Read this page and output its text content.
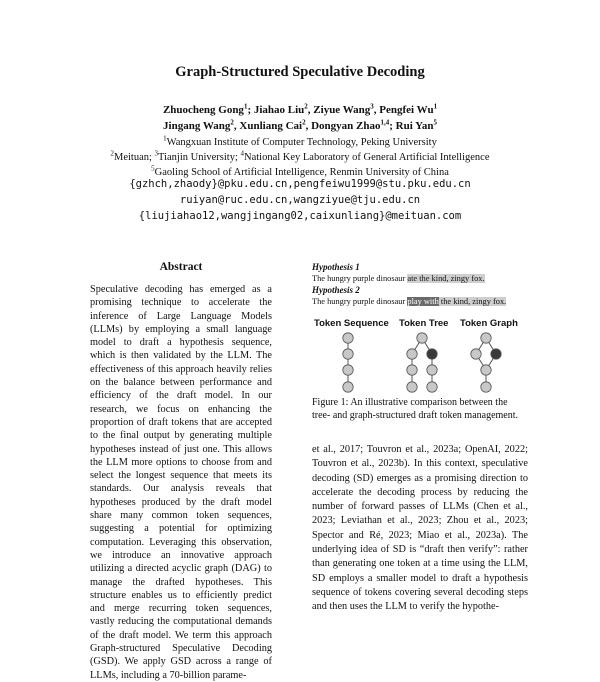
Graph-Structured Speculative Decoding
Zhuocheng Gong$^1$; Jiahao Liu$^2$, Ziyue Wang$^3$, Pengfei Wu$^1$
Jingang Wang$^2$, Xunliang Cai$^2$, Dongyan Zhao$^{1,4}$; Rui Yan$^5$
$^1$Wangxuan Institute of Computer Technology, Peking University
$^2$Meituan; $^3$Tianjin University; $^4$National Key Laboratory of General Artificial Intelligence
$^5$Gaoling School of Artificial Intelligence, Renmin University of China
{gzhch,zhaody}@pku.edu.cn,pengfeiwu1999@stu.pku.edu.cn
ruiyan@ruc.edu.cn,wangziyue@tju.edu.cn
{liujiahao12,wangjingang02,caixunliang}@meituan.com
Abstract
Speculative decoding has emerged as a promising technique to accelerate the inference of Large Language Models (LLMs) by employing a small language model to draft a hypothesis sequence, which is then validated by the LLM. The effectiveness of this approach heavily relies on the balance between performance and efficiency of the draft model. In our research, we focus on enhancing the proportion of draft tokens that are accepted to the final output by generating multiple hypotheses instead of just one. This allows the LLM more options to choose from and select the longest sequence that meets its standards. Our analysis reveals that hypotheses produced by the draft model share many common token sequences, suggesting a potential for optimizing computation. Leveraging this observation, we introduce an innovative approach utilizing a directed acyclic graph (DAG) to manage the drafted hypotheses. This structure enables us to efficiently predict and merge recurring token sequences, vastly reducing the computational demands of the draft model. We term this approach Graph-structured Speculative Decoding (GSD). We apply GSD across a range of LLMs, including a 70-billion parame-
Hypothesis 1
The hungry purple dinosaur ate the kind, zingy fox.
Hypothesis 2
The hungry purple dinosaur play with the kind, zingy fox.
Token Sequence Token Tree Token Graph
Figure 1: An illustrative comparison between the tree- and graph-structured draft token management.
et al., 2017; Touvron et al., 2023a; OpenAI, 2022; Touvron et al., 2023b). In this context, speculative decoding (SD) emerges as a promising direction to accelerate the decoding process by reducing the number of forward passes of LLMs (Chen et al., 2023; Leviathan et al., 2023; Zhou et al., 2023; Spector and Ré, 2023; Miao et al., 2023a). The underlying idea of SD is “draft then verify”: rather than generating one token at a time using the LLM, SD employs a smaller model to draft a hypothesis sequence of tokens covering several decoding steps and then uses the LLM to verify the hypothe-
